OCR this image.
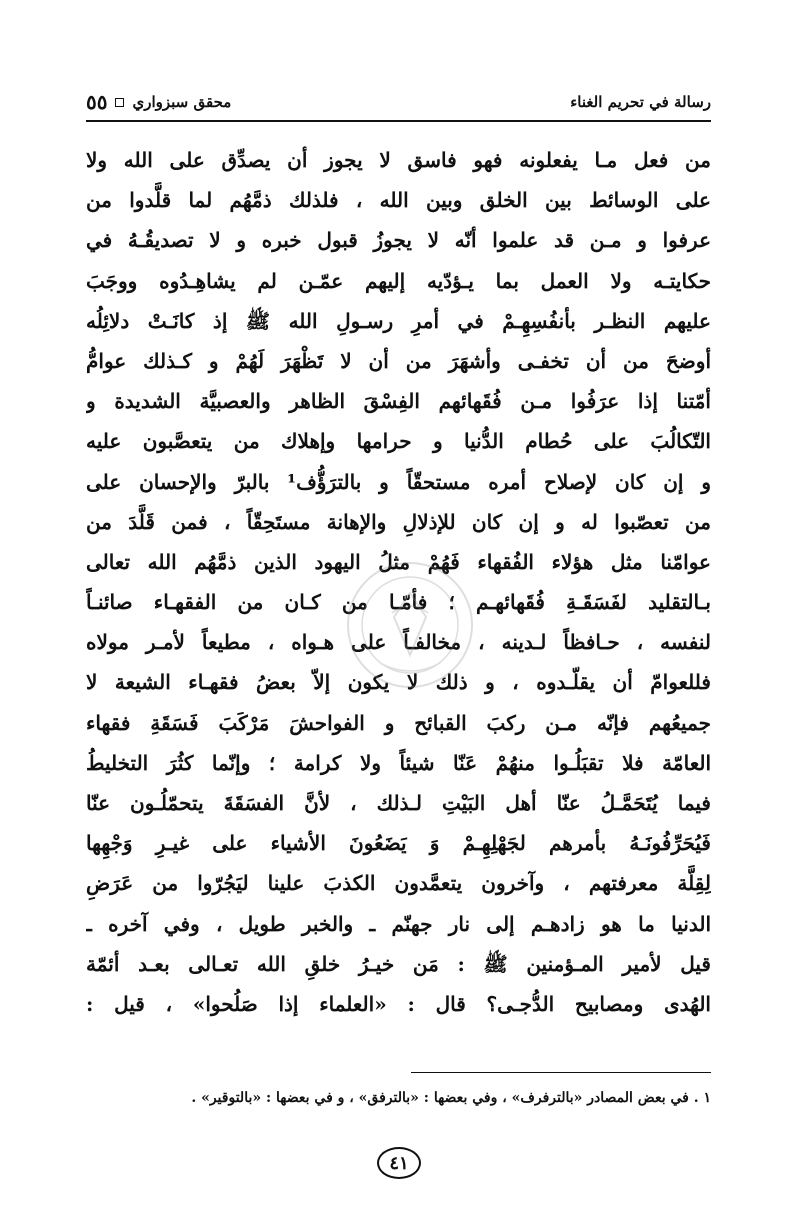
رسالة في تحريم الغناء
محقق سبزواري
٥٥
من فعل مـا يفعلونه فهو فاسق لا يجوز أن يصدِّق على الله ولا
على الوسائط بين الخلق وبين الله ، فلذلك ذمَّهُم لما قلَّدوا من
عرفوا و مـن قد علموا أنّه لا يجوزُ قبول خبره و لا تصديقُـهُ في
حكايتـه ولا العمل بما يـؤدّيه إليهم عمّـن لم يشاهِـدُوه ووجَبَ
عليهم النظـر بأنفُسِهِـمْ في أمرِ رسـولِ الله ﷺ إذ كانَـتْ دلائِلُه
أوضحَ من أن تخفـى وأشهَرَ من أن لا تَظْهَرَ لَهُمْ و كـذلك عوامُّ
أمّتنا إذا عرَفُوا مـن فُقَهائهم الفِسْقَ الظاهر والعصبيَّة الشديدة و
التّكالُبَ على حُطام الدُّنيا و حرامها وإهلاك من يتعصَّبون عليه
و إن كان لإصلاح أمره مستحقّاً و بالترَؤُّف¹ بالبرّ والإحسان على
من تعصّبوا له و إن كان للإذلالِ والإهانة مستَحِقّاً ، فمن قَلَّدَ من
عوامّنا مثل هؤلاء الفُقهاء فَهُمْ مثلُ اليهود الذين ذمَّهُم الله تعالى
بـالتقليد لفَسَقَـةِ فُقَهائهـم ؛ فأمّـا من كـان من الفقهـاء صائنـاً
لنفسه ، حـافظاً لـدينه ، مخالفـاً على هـواه ، مطيعاً لأمـر مولاه
فللعوامّ أن يقلّـدوه ، و ذلك لا يكون إلاّ بعضُ فقهـاء الشيعة لا
جميعُهم فإنّه مـن ركبَ القبائح و الفواحشَ مَرْكَبَ فَسَقَةِ فقهاء
العامّة فلا تقبَلُـوا منهُمْ عَنّا شيئاً ولا كرامة ؛ وإنّما كثُرَ التخليطُ
فيما يُتَحَمَّـلُ عنّا أهل البَيْتِ لـذلك ، لأنَّ الفسَقَةَ يتحمّلُـون عنّا
فَيُحَرِّفُونَـهُ بأمرهم لجَهْلِهِـمْ وَ يَضَعُونَ الأشياء على غيـرِ وَجْهِها
لِقِلَّة معرفتهم ، وآخرون يتعمَّدون الكذبَ علينا ليَجُرّوا من عَرَضِ
الدنيا ما هو زادهـم إلى نار جهنّم ـ والخبر طويل ، وفي آخره ـ
قيل لأمير المـؤمنين ﷺ : مَن خيـرُ خلقِ الله تعـالى بعـد أئمّة
الهُدى ومصابيح الدُّجـى؟ قال : «العلماء إذا صَلُحوا» ، قيل :
١ . في بعض المصادر «بالترفرف» ، وفي بعضها : «بالترفق» ، و في بعضها : «بالتوقير» .
٤١
